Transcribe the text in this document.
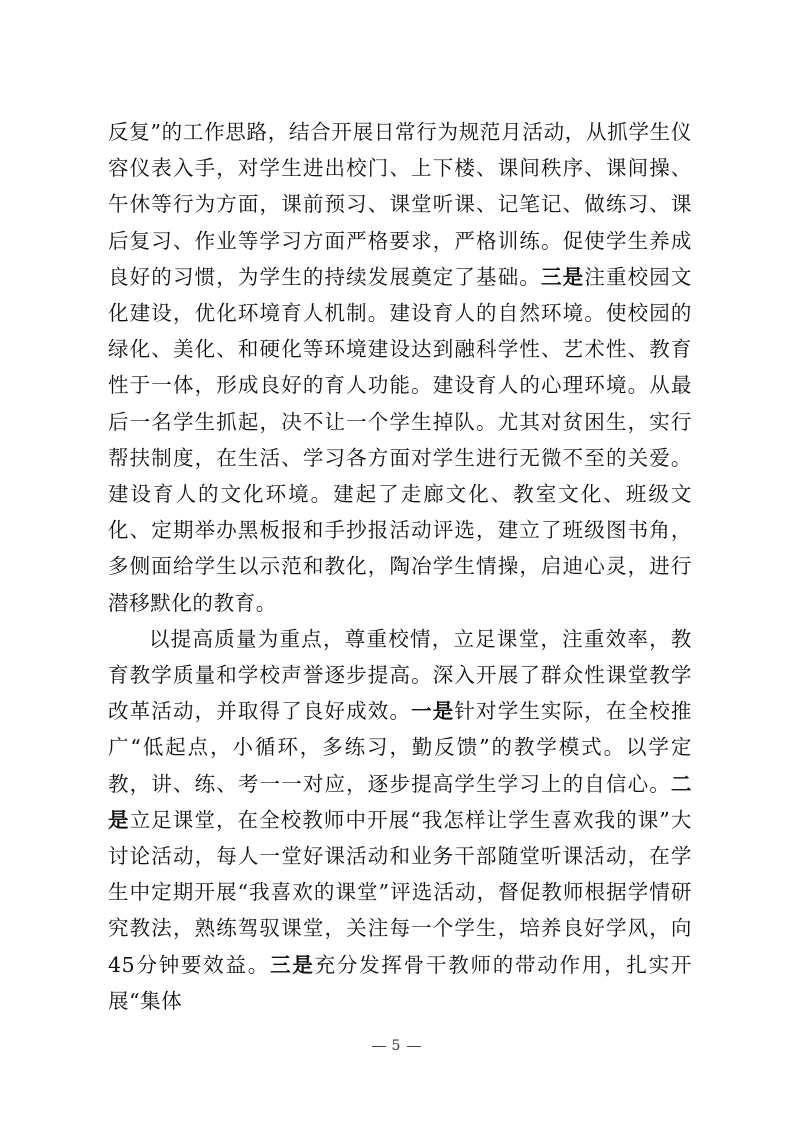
反复”的工作思路，结合开展日常行为规范月活动，从抓学生仪容仪表入手，对学生进出校门、上下楼、课间秩序、课间操、午休等行为方面，课前预习、课堂听课、记笔记、做练习、课后复习、作业等学习方面严格要求，严格训练。促使学生养成良好的习惯，为学生的持续发展奠定了基础。三是注重校园文化建设，优化环境育人机制。建设育人的自然环境。使校园的绿化、美化、和硬化等环境建设达到融科学性、艺术性、教育性于一体，形成良好的育人功能。建设育人的心理环境。从最后一名学生抓起，决不让一个学生掉队。尤其对贫困生，实行帮扶制度，在生活、学习各方面对学生进行无微不至的关爱。建设育人的文化环境。建起了走廊文化、教室文化、班级文化、定期举办黑板报和手抄报活动评选，建立了班级图书角，多侧面给学生以示范和教化，陶冶学生情操，启迪心灵，进行潜移默化的教育。

以提高质量为重点，尊重校情，立足课堂，注重效率，教育教学质量和学校声誉逐步提高。深入开展了群众性课堂教学改革活动，并取得了良好成效。一是针对学生实际，在全校推广“低起点，小循环，多练习，勤反馈”的教学模式。以学定教，讲、练、考一一对应，逐步提高学生学习上的自信心。二是立足课堂，在全校教师中开展“我怎样让学生喜欢我的课”大讨论活动，每人一堂好课活动和业务干部随堂听课活动，在学生中定期开展“我喜欢的课堂”评选活动，督促教师根据学情研究教法，熟练驾驭课堂，关注每一个学生，培养良好学风，向45分钟要效益。三是充分发挥骨干教师的带动作用，扎实开展“集体

5
